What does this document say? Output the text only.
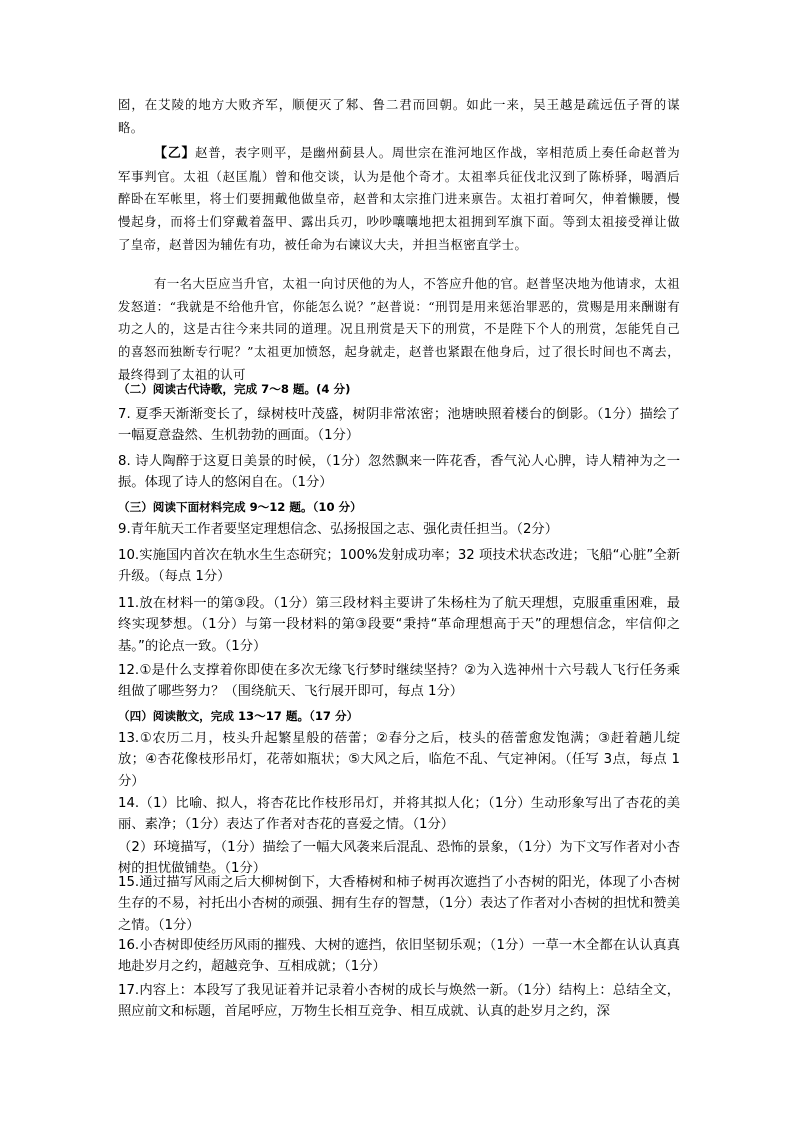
囵，在艾陵的地方大败齐军，顺便灭了邾、鲁二君而回朝。如此一来，吴王越是疏远伍子胥的谋略。

【乙】赵普，表字则平，是幽州蓟县人。周世宗在淮河地区作战，宰相范质上奏任命赵普为军事判官。太祖（赵匡胤）曾和他交谈，认为是他个奇才。太祖率兵征伐北汉到了陈桥驿，喝酒后醉卧在军帐里，将士们要拥戴他做皇帝，赵普和太宗推门进来禀告。太祖打着呵欠，伸着懒腰，慢慢起身，而将士们穿戴着盔甲、露出兵刃，吵吵嚷嚷地把太祖拥到军旗下面。等到太祖接受禅让做了皇帝，赵普因为辅佐有功，被任命为右谏议大夫，并担当枢密直学士。

有一名大臣应当升官，太祖一向讨厌他的为人，不答应升他的官。赵普坚决地为他请求，太祖发怒道：“我就是不给他升官，你能怎么说？”赵普说：“刑罚是用来惩治罪恶的，赏赐是用来酬谢有功之人的，这是古往今来共同的道理。况且刑赏是天下的刑赏，不是陛下个人的刑赏，怎能凭自己的喜怒而独断专行呢？”太祖更加愤怒，起身就走，赵普也紧跟在他身后，过了很长时间也不离去，最终得到了太祖的认可

（二）阅读古代诗歌，完成 7～8 题。(4 分)

7. 夏季天渐渐变长了，绿树枝叶茂盛，树阴非常浓密；池塘映照着楼台的倒影。（1分）描绘了一幅夏意盎然、生机勃勃的画面。（1分）

8. 诗人陶醉于这夏日美景的时候，（1分）忽然飘来一阵花香，香气沁人心脾，诗人精神为之一振。体现了诗人的悠闲自在。（1分）

（三）阅读下面材料完成 9～12 题。（10 分）

9.青年航天工作者要坚定理想信念、弘扬报国之志、强化责任担当。（2分）

10.实施国内首次在轨水生生态研究；100%发射成功率；32 项技术状态改进；飞船“心脏”全新升级。（每点 1分）

11.放在材料一的第③段。（1分）第三段材料主要讲了朱杨柱为了航天理想，克服重重困难，最终实现梦想。（1分）与第一段材料的第③段要“秉持“革命理想高于天”的理想信念，牢信仰之基。”的论点一致。（1分）

12.①是什么支撑着你即使在多次无缘飞行梦时继续坚持？②为入选神州十六号载人飞行任务乘组做了哪些努力？（围绕航天、飞行展开即可，每点 1分）

（四）阅读散文，完成 13～17 题。（17 分）

13.①农历二月，枝头升起繁星般的蓓蕾；②春分之后，枝头的蓓蕾愈发饱满；③赶着趟儿绽放；④杏花像枝形吊灯，花蒂如瓶状；⑤大风之后，临危不乱、气定神闲。（任写 3点，每点 1分）

14.（1）比喻、拟人，将杏花比作枝形吊灯，并将其拟人化；（1分）生动形象写出了杏花的美丽、素净；（1分）表达了作者对杏花的喜爱之情。（1分）

（2）环境描写，（1分）描绘了一幅大风袭来后混乱、恐怖的景象，（1分）为下文写作者对小杏树的担忧做铺垫。（1分）

15.通过描写风雨之后大柳树倒下，大香椿树和柿子树再次遮挡了小杏树的阳光，体现了小杏树生存的不易，衬托出小杏树的顽强、拥有生存的智慧，（1分）表达了作者对小杏树的担忧和赞美之情。（1分）

16.小杏树即使经历风雨的摧残、大树的遮挡，依旧坚韧乐观；（1分）一草一木全都在认认真真地赴岁月之约，超越竞争、互相成就；（1分）

17.内容上：本段写了我见证着并记录着小杏树的成长与焕然一新。（1分）结构上：总结全文，照应前文和标题，首尾呼应，万物生长相互竞争、相互成就、认真的赴岁月之约，深
